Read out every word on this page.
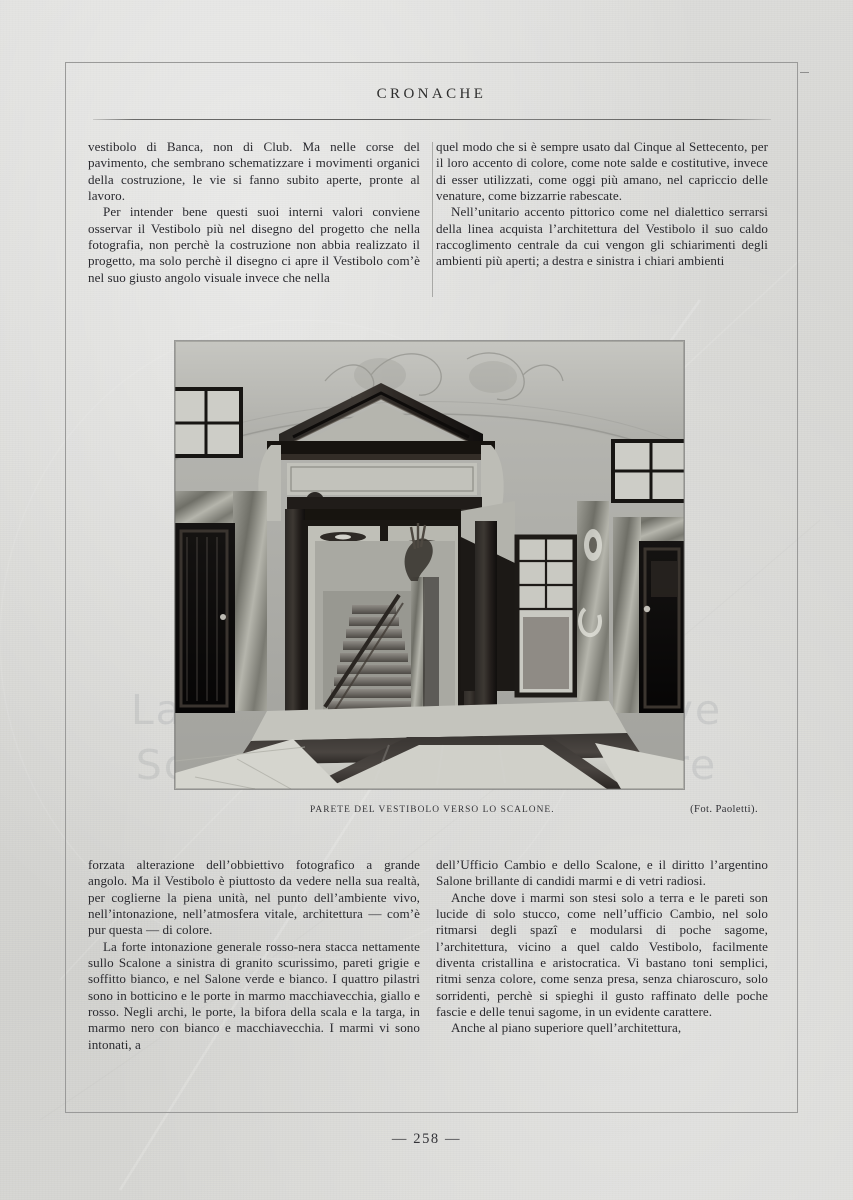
CRONACHE

vestibolo di Banca, non di Club. Ma nelle corse del pavimento, che sembrano schematizzare i movimenti organici della costruzione, le vie si fanno subito aperte, pronte al lavoro.

Per intender bene questi suoi interni valori conviene osservar il Vestibolo più nel disegno del progetto che nella fotografia, non perchè la costruzione non abbia realizzato il progetto, ma solo perchè il disegno ci apre il Vestibolo com’è nel suo giusto angolo visuale invece che nella

quel modo che si è sempre usato dal Cinque al Settecento, per il loro accento di colore, come note salde e costitutive, invece di esser utilizzati, come oggi più amano, nel capriccio delle venature, come bizzarrie rabescate.

Nell’unitario accento pittorico come nel dialettico serrarsi della linea acquista l’architettura del Vestibolo il suo caldo raccoglimento centrale da cui vengon gli schiarimenti degli ambienti più aperti; a destra e sinistra i chiari ambienti

PARETE DEL VESTIBOLO VERSO LO SCALONE.	(Fot. Paoletti).

forzata alterazione dell’obbiettivo fotografico a grande angolo. Ma il Vestibolo è piuttosto da vedere nella sua realtà, per coglierne la piena unità, nel punto dell’ambiente vivo, nell’intonazione, nell’atmosfera vitale, architettura — com’è pur questa — di colore.

La forte intonazione generale rosso-nera stacca nettamente sullo Scalone a sinistra di granito scurissimo, pareti grigie e soffitto bianco, e nel Salone verde e bianco. I quattro pilastri sono in botticino e le porte in marmo macchiavecchia, giallo e rosso. Negli archi, le porte, la bifora della scala e la targa, in marmo nero con bianco e macchiavecchia. I marmi vi sono intonati, a

dell’Ufficio Cambio e dello Scalone, e il diritto l’argentino Salone brillante di candidi marmi e di vetri radiosi.

Anche dove i marmi son stesi solo a terra e le pareti son lucide di solo stucco, come nell’ufficio Cambio, nel solo ritmarsi degli spazî e modularsi di poche sagome, l’architettura, vicino a quel caldo Vestibolo, facilmente diventa cristallina e aristocratica. Vi bastano toni semplici, ritmi senza colore, come senza presa, senza chiaroscuro, solo sorridenti, perchè si spieghi il gusto raffinato delle poche fascie e delle tenui sagome, in un evidente carattere.

Anche al piano superiore quell’architettura,

— 258 —
